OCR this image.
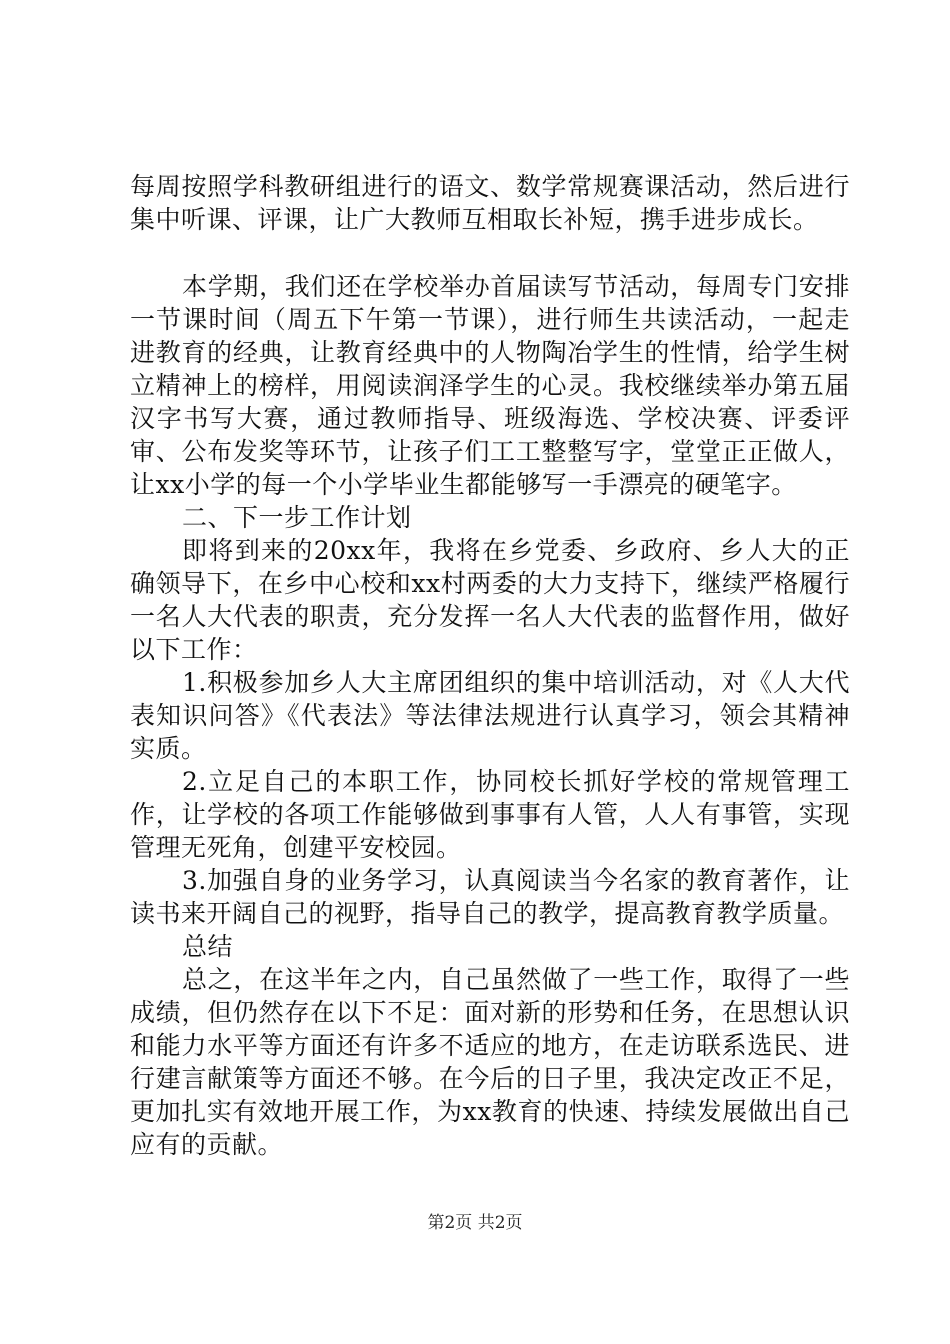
每周按照学科教研组进行的语文、数学常规赛课活动，然后进行集中听课、评课，让广大教师互相取长补短，携手进步成长。

本学期，我们还在学校举办首届读写节活动，每周专门安排一节课时间（周五下午第一节课），进行师生共读活动，一起走进教育的经典，让教育经典中的人物陶冶学生的性情，给学生树立精神上的榜样，用阅读润泽学生的心灵。我校继续举办第五届汉字书写大赛，通过教师指导、班级海选、学校决赛、评委评审、公布发奖等环节，让孩子们工工整整写字，堂堂正正做人，让xx小学的每一个小学毕业生都能够写一手漂亮的硬笔字。

二、下一步工作计划

即将到来的20xx年，我将在乡党委、乡政府、乡人大的正确领导下，在乡中心校和xx村两委的大力支持下，继续严格履行一名人大代表的职责，充分发挥一名人大代表的监督作用，做好以下工作：

1.积极参加乡人大主席团组织的集中培训活动，对《人大代表知识问答》《代表法》等法律法规进行认真学习，领会其精神实质。

2.立足自己的本职工作，协同校长抓好学校的常规管理工作，让学校的各项工作能够做到事事有人管，人人有事管，实现管理无死角，创建平安校园。

3.加强自身的业务学习，认真阅读当今名家的教育著作，让读书来开阔自己的视野，指导自己的教学，提高教育教学质量。

总结

总之，在这半年之内，自己虽然做了一些工作，取得了一些成绩，但仍然存在以下不足：面对新的形势和任务，在思想认识和能力水平等方面还有许多不适应的地方，在走访联系选民、进行建言献策等方面还不够。在今后的日子里，我决定改正不足，更加扎实有效地开展工作，为xx教育的快速、持续发展做出自己应有的贡献。

第2页 共2页
